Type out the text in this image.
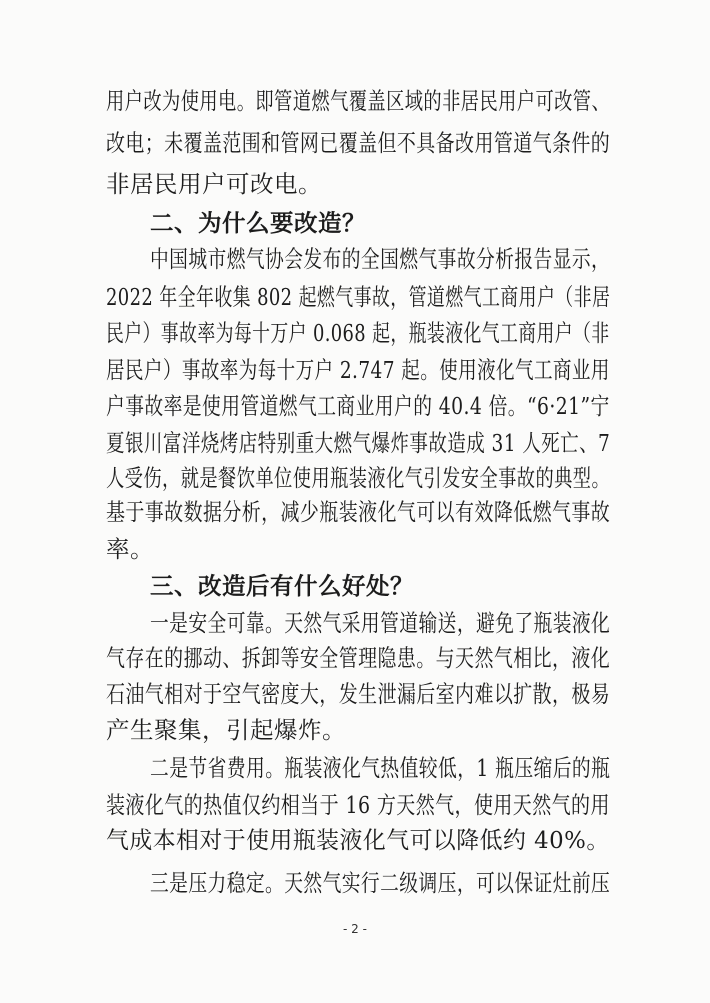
用户改为使用电。即管道燃气覆盖区域的非居民用户可改管、
改电；未覆盖范围和管网已覆盖但不具备改用管道气条件的
非居民用户可改电。
二、为什么要改造？
中国城市燃气协会发布的全国燃气事故分析报告显示，
2022 年全年收集 802 起燃气事故，管道燃气工商用户（非居
民户）事故率为每十万户 0.068 起，瓶装液化气工商用户（非
居民户）事故率为每十万户 2.747 起。使用液化气工商业用
户事故率是使用管道燃气工商业用户的 40.4 倍。“6·21”宁
夏银川富洋烧烤店特别重大燃气爆炸事故造成 31 人死亡、7
人受伤，就是餐饮单位使用瓶装液化气引发安全事故的典型。
基于事故数据分析，减少瓶装液化气可以有效降低燃气事故
率。
三、改造后有什么好处？
一是安全可靠。天然气采用管道输送，避免了瓶装液化
气存在的挪动、拆卸等安全管理隐患。与天然气相比，液化
石油气相对于空气密度大，发生泄漏后室内难以扩散，极易
产生聚集，引起爆炸。
二是节省费用。瓶装液化气热值较低，1 瓶压缩后的瓶
装液化气的热值仅约相当于 16 方天然气，使用天然气的用
气成本相对于使用瓶装液化气可以降低约 40%。
三是压力稳定。天然气实行二级调压，可以保证灶前压
- 2 -
